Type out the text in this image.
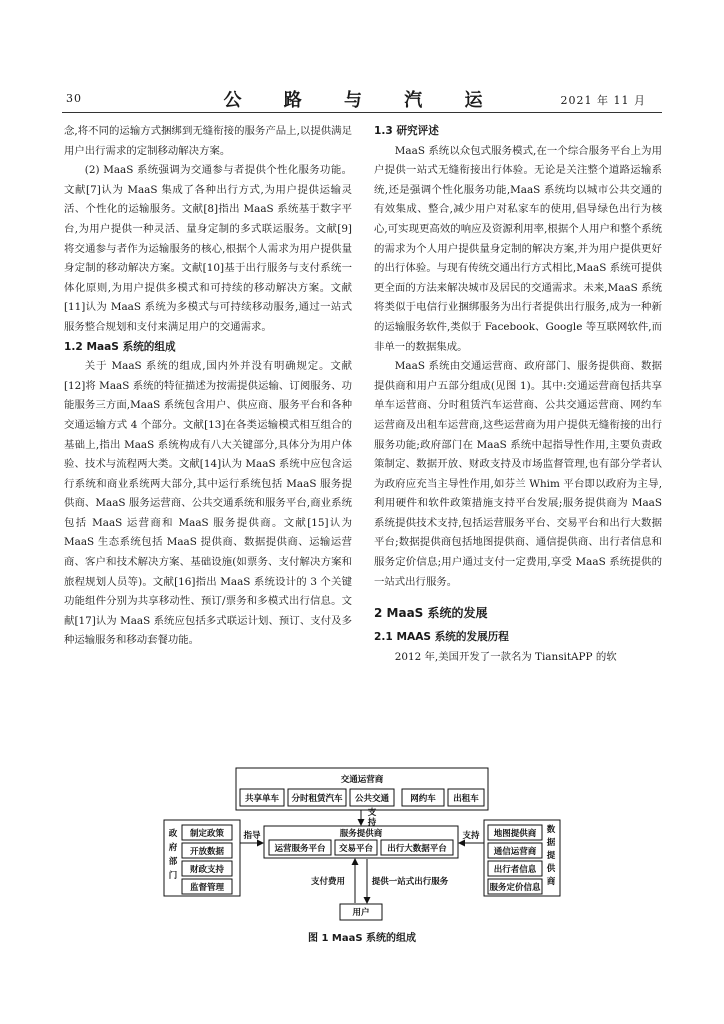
30	公 路 与 汽 运	2021 年 11 月

念,将不同的运输方式捆绑到无缝衔接的服务产品上,以提供满足用户出行需求的定制移动解决方案。

(2) MaaS 系统强调为交通参与者提供个性化服务功能。文献[7]认为 MaaS 集成了各种出行方式,为用户提供运输灵活、个性化的运输服务。文献[8]指出 MaaS 系统基于数字平台,为用户提供一种灵活、量身定制的多式联运服务。文献[9]将交通参与者作为运输服务的核心,根据个人需求为用户提供量身定制的移动解决方案。文献[10]基于出行服务与支付系统一体化原则,为用户提供多模式和可持续的移动解决方案。文献[11]认为 MaaS 系统为多模式与可持续移动服务,通过一站式服务整合规划和支付来满足用户的交通需求。

1.2 MaaS 系统的组成

关于 MaaS 系统的组成,国内外并没有明确规定。文献[12]将 MaaS 系统的特征描述为按需提供运输、订阅服务、功能服务三方面,MaaS 系统包含用户、供应商、服务平台和各种交通运输方式 4 个部分。文献[13]在各类运输模式相互组合的基础上,指出 MaaS 系统构成有八大关键部分,具体分为用户体验、技术与流程两大类。文献[14]认为 MaaS 系统中应包含运行系统和商业系统两大部分,其中运行系统包括 MaaS 服务提供商、MaaS 服务运营商、公共交通系统和服务平台,商业系统包括 MaaS 运营商和 MaaS 服务提供商。文献[15]认为 MaaS 生态系统包括 MaaS 提供商、数据提供商、运输运营商、客户和技术解决方案、基础设施(如票务、支付解决方案和旅程规划人员等)。文献[16]指出 MaaS 系统设计的 3 个关键功能组件分别为共享移动性、预订/票务和多模式出行信息。文献[17]认为 MaaS 系统应包括多式联运计划、预订、支付及多种运输服务和移动套餐功能。

1.3 研究评述

MaaS 系统以众包式服务模式,在一个综合服务平台上为用户提供一站式无缝衔接出行体验。无论是关注整个道路运输系统,还是强调个性化服务功能,MaaS 系统均以城市公共交通的有效集成、整合,减少用户对私家车的使用,倡导绿色出行为核心,可实现更高效的响应及资源利用率,根据个人用户和整个系统的需求为个人用户提供量身定制的解决方案,并为用户提供更好的出行体验。与现有传统交通出行方式相比,MaaS 系统可提供更全面的方法来解决城市及居民的交通需求。未来,MaaS 系统将类似于电信行业捆绑服务为出行者提供出行服务,成为一种新的运输服务软件,类似于 Facebook、Google 等互联网软件,而非单一的数据集成。

MaaS 系统由交通运营商、政府部门、服务提供商、数据提供商和用户五部分组成(见图 1)。其中:交通运营商包括共享单车运营商、分时租赁汽车运营商、公共交通运营商、网约车运营商及出租车运营商,这些运营商为用户提供无缝衔接的出行服务功能;政府部门在 MaaS 系统中起指导性作用,主要负责政策制定、数据开放、财政支持及市场监督管理,也有部分学者认为政府应充当主导性作用,如芬兰 Whim 平台即以政府为主导,利用硬件和软件政策措施支持平台发展;服务提供商为 MaaS 系统提供技术支持,包括运营服务平台、交易平台和出行大数据平台;数据提供商包括地图提供商、通信提供商、出行者信息和服务定价信息;用户通过支付一定费用,享受 MaaS 系统提供的一站式出行服务。

2 MaaS 系统的发展
2.1 MAAS 系统的发展历程

2012 年,美国开发了一款名为 TiansitAPP 的软

交通运营商
共享单车 分时租赁汽车 公共交通 网约车 出租车
制定政策
开放数据
财政支持
监督管理
指导	服务提供商
运营服务平台 交易平台 出行大数据平台
支持 地图提供商
通信运营商
出行者信息
服务定价信息
支付费用	提供一站式出行服务
用户
政府部门
数据提供商
支持
图 1 MaaS 系统的组成
